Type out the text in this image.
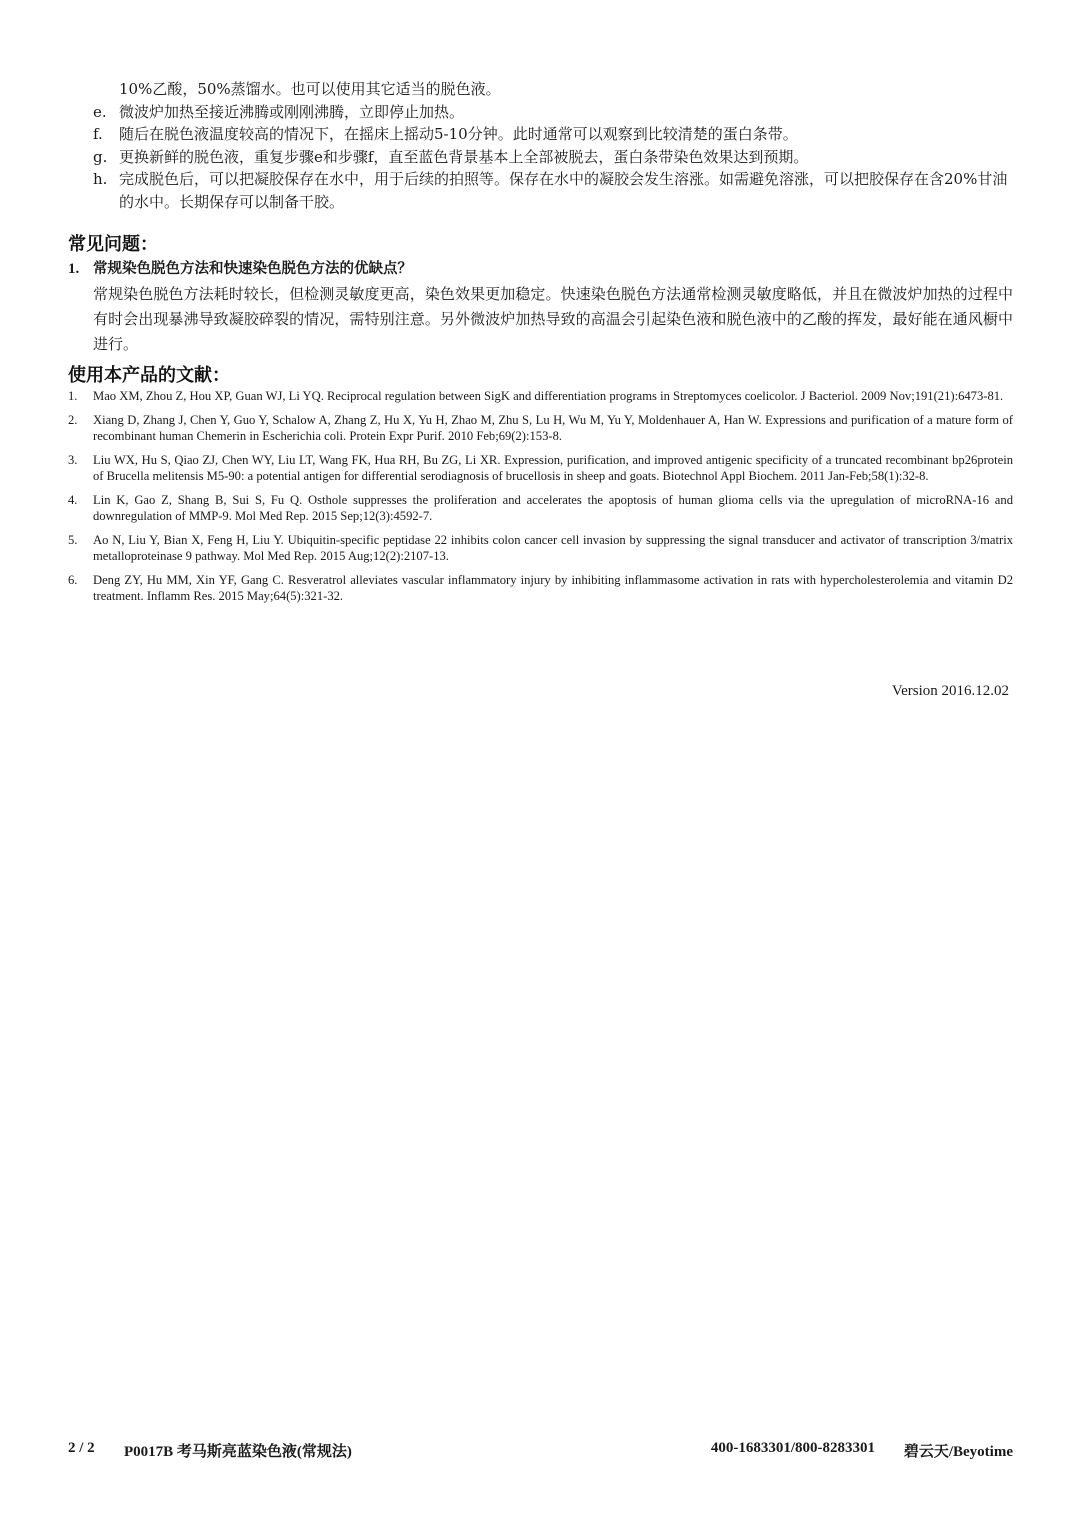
10%乙酸，50%蒸馏水。也可以使用其它适当的脱色液。
e. 微波炉加热至接近沸腾或刚刚沸腾，立即停止加热。
f. 随后在脱色液温度较高的情况下，在摇床上摇动5-10分钟。此时通常可以观察到比较清楚的蛋白条带。
g. 更换新鲜的脱色液，重复步骤e和步骤f，直至蓝色背景基本上全部被脱去，蛋白条带染色效果达到预期。
h. 完成脱色后，可以把凝胶保存在水中，用于后续的拍照等。保存在水中的凝胶会发生溶涨。如需避免溶涨，可以把胶保存在含20%甘油的水中。长期保存可以制备干胶。
常见问题：
1. 常规染色脱色方法和快速染色脱色方法的优缺点？
常规染色脱色方法耗时较长，但检测灵敏度更高，染色效果更加稳定。快速染色脱色方法通常检测灵敏度略低，并且在微波炉加热的过程中有时会出现暴沸导致凝胶碎裂的情况，需特别注意。另外微波炉加热导致的高温会引起染色液和脱色液中的乙酸的挥发，最好能在通风橱中进行。
使用本产品的文献：
1. Mao XM, Zhou Z, Hou XP, Guan WJ, Li YQ. Reciprocal regulation between SigK and differentiation programs in Streptomyces coelicolor. J Bacteriol. 2009 Nov;191(21):6473-81.
2. Xiang D, Zhang J, Chen Y, Guo Y, Schalow A, Zhang Z, Hu X, Yu H, Zhao M, Zhu S, Lu H, Wu M, Yu Y, Moldenhauer A, Han W. Expressions and purification of a mature form of recombinant human Chemerin in Escherichia coli. Protein Expr Purif. 2010 Feb;69(2):153-8.
3. Liu WX, Hu S, Qiao ZJ, Chen WY, Liu LT, Wang FK, Hua RH, Bu ZG, Li XR. Expression, purification, and improved antigenic specificity of a truncated recombinant bp26protein of Brucella melitensis M5-90: a potential antigen for differential serodiagnosis of brucellosis in sheep and goats. Biotechnol Appl Biochem. 2011 Jan-Feb;58(1):32-8.
4. Lin K, Gao Z, Shang B, Sui S, Fu Q. Osthole suppresses the proliferation and accelerates the apoptosis of human glioma cells via the upregulation of microRNA-16 and downregulation of MMP-9. Mol Med Rep. 2015 Sep;12(3):4592-7.
5. Ao N, Liu Y, Bian X, Feng H, Liu Y. Ubiquitin-specific peptidase 22 inhibits colon cancer cell invasion by suppressing the signal transducer and activator of transcription 3/matrix metalloproteinase 9 pathway. Mol Med Rep. 2015 Aug;12(2):2107-13.
6. Deng ZY, Hu MM, Xin YF, Gang C. Resveratrol alleviates vascular inflammatory injury by inhibiting inflammasome activation in rats with hypercholesterolemia and vitamin D2 treatment. Inflamm Res. 2015 May;64(5):321-32.
Version 2016.12.02
2 / 2 P0017B 考马斯亮蓝染色液(常规法)	400-1683301/800-8283301 碧云天/Beyotime
